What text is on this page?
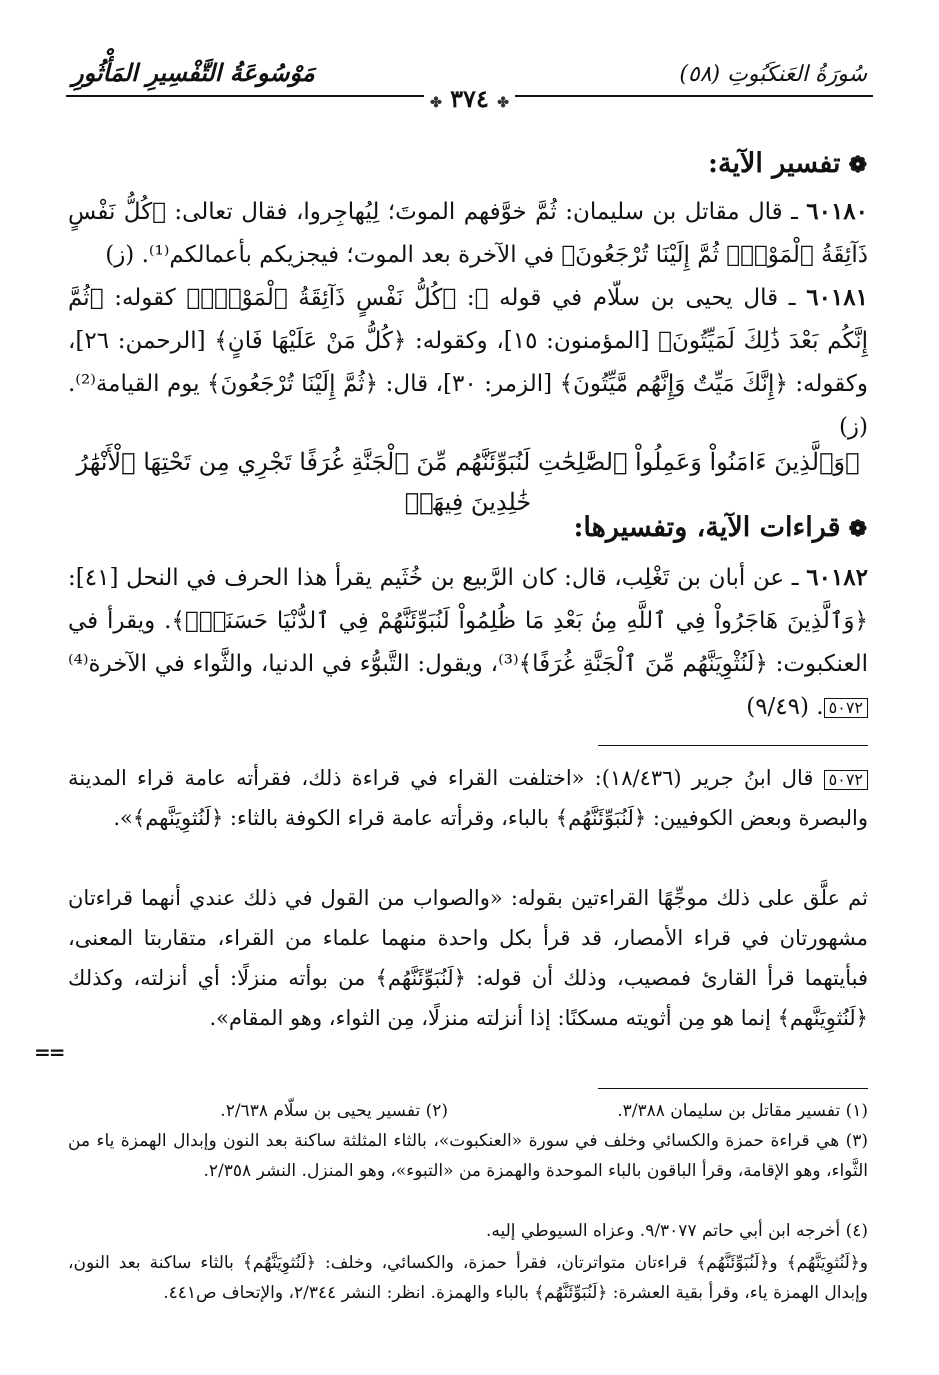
مَوْسُوعَةُ التَّفْسِيرِ المَأْثُورِ	سُورَةُ العَنكَبُوتِ (٥٨)
✤ ٣٧٤ ✤
❁تفسير الآية:
٦٠١٨٠ ـ قال مقاتل بن سليمان: ثُمَّ خوَّفهم الموتَ؛ لِيُهاجِروا، فقال تعالى: ﴿كُلُّ نَفْسٍ ذَآئِقَةُ ٱلْمَوْتِۖ ثُمَّ إِلَيْنَا تُرْجَعُونَ﴾ في الآخرة بعد الموت؛ فيجزيكم بأعمالكم⁽¹⁾. (ز)
٦٠١٨١ ـ قال يحيى بن سلّام في قوله ﷻ: ﴿كُلُّ نَفْسٍ ذَآئِقَةُ ٱلْمَوْتِۖ﴾ كقوله: ﴿ثُمَّ إِنَّكُم بَعْدَ ذَٰلِكَ لَمَيِّتُونَ﴾ [المؤمنون: ١٥]، وكقوله: ﴿كُلُّ مَنْ عَلَيْهَا فَانٍ﴾ [الرحمن: ٢٦]، وكقوله: ﴿إِنَّكَ مَيِّتٌ وَإِنَّهُم مَّيِّتُونَ﴾ [الزمر: ٣٠]، قال: ﴿ثُمَّ إِلَيْنَا تُرْجَعُونَ﴾ يوم القيامة⁽²⁾. (ز)
﴿وَٱلَّذِينَ ءَامَنُواْ وَعَمِلُواْ ٱلصَّٰلِحَٰتِ لَنُبَوِّئَنَّهُم مِّنَ ٱلْجَنَّةِ غُرَفًا تَجْرِي مِن تَحْتِهَا ٱلْأَنْهَٰرُ خَٰلِدِينَ فِيهَاۚ
❁قراءات الآية، وتفسيرها:
٦٠١٨٢ ـ عن أبان بن تَغْلِب، قال: كان الرَّبيع بن خُثَيم يقرأ هذا الحرف في النحل [٤١]: ﴿وَٱلَّذِينَ هَاجَرُواْ فِي ٱللَّهِ مِنۢ بَعْدِ مَا ظُلِمُواْ لَنُبَوِّئَنَّهُمْ فِي ٱلدُّنْيَا حَسَنَةًۖ﴾. ويقرأ في العنكبوت: ﴿لَنُثْوِيَنَّهُم مِّنَ ٱلْجَنَّةِ غُرَفًا﴾⁽³⁾، ويقول: التَّبوُّء في الدنيا، والثَّواء في الآخرة⁽⁴⁾٥٠٧٢. (٩/٤٩)
٥٠٧٢ قال ابنُ جرير (١٨/٤٣٦): «اختلفت القراء في قراءة ذلك، فقرأته عامة قراء المدينة والبصرة وبعض الكوفيين: ﴿لَنُبَوِّئَنَّهُم﴾ بالباء، وقرأته عامة قراء الكوفة بالثاء: ﴿لَنُثوِيَنَّهم﴾».
ثم علَّق على ذلك موجِّهًا القراءتين بقوله: «والصواب من القول في ذلك عندي أنهما قراءتان مشهورتان في قراء الأمصار، قد قرأ بكل واحدة منهما علماء من القراء، متقاربتا المعنى، فبأيتهما قرأ القارئ فمصيب، وذلك أن قوله: ﴿لَنُبَوِّئَنَّهُم﴾ من بوأته منزلًا: أي أنزلته، وكذلك ﴿لَنُثوِيَنَّهم﴾ إنما هو مِن أثويته مسكنًا: إذا أنزلته منزلًا، مِن الثواء، وهو المقام».
==
(١) تفسير مقاتل بن سليمان ٣/٣٨٨.
(٢) تفسير يحيى بن سلّام ٢/٦٣٨.
(٣) هي قراءة حمزة والكسائي وخلف في سورة «العنكبوت»، بالثاء المثلثة ساكنة بعد النون وإبدال الهمزة ياء من الثَّواء، وهو الإقامة، وقرأ الباقون بالباء الموحدة والهمزة من «التبوء»، وهو المنزل. النشر ٢/٣٥٨.
(٤) أخرجه ابن أبي حاتم ٩/٣٠٧٧. وعزاه السيوطي إليه.
و﴿لَنُثوِيَنَّهُم﴾ و﴿لَنُبَوِّئَنَّهُم﴾ قراءتان متواترتان، فقرأ حمزة، والكسائي، وخلف: ﴿لَنُثوِيَنَّهُم﴾ بالثاء ساكنة بعد النون، وإبدال الهمزة ياء، وقرأ بقية العشرة: ﴿لَنُبَوِّئَنَّهُم﴾ بالباء والهمزة. انظر: النشر ٢/٣٤٤، والإتحاف ص٤٤١.
